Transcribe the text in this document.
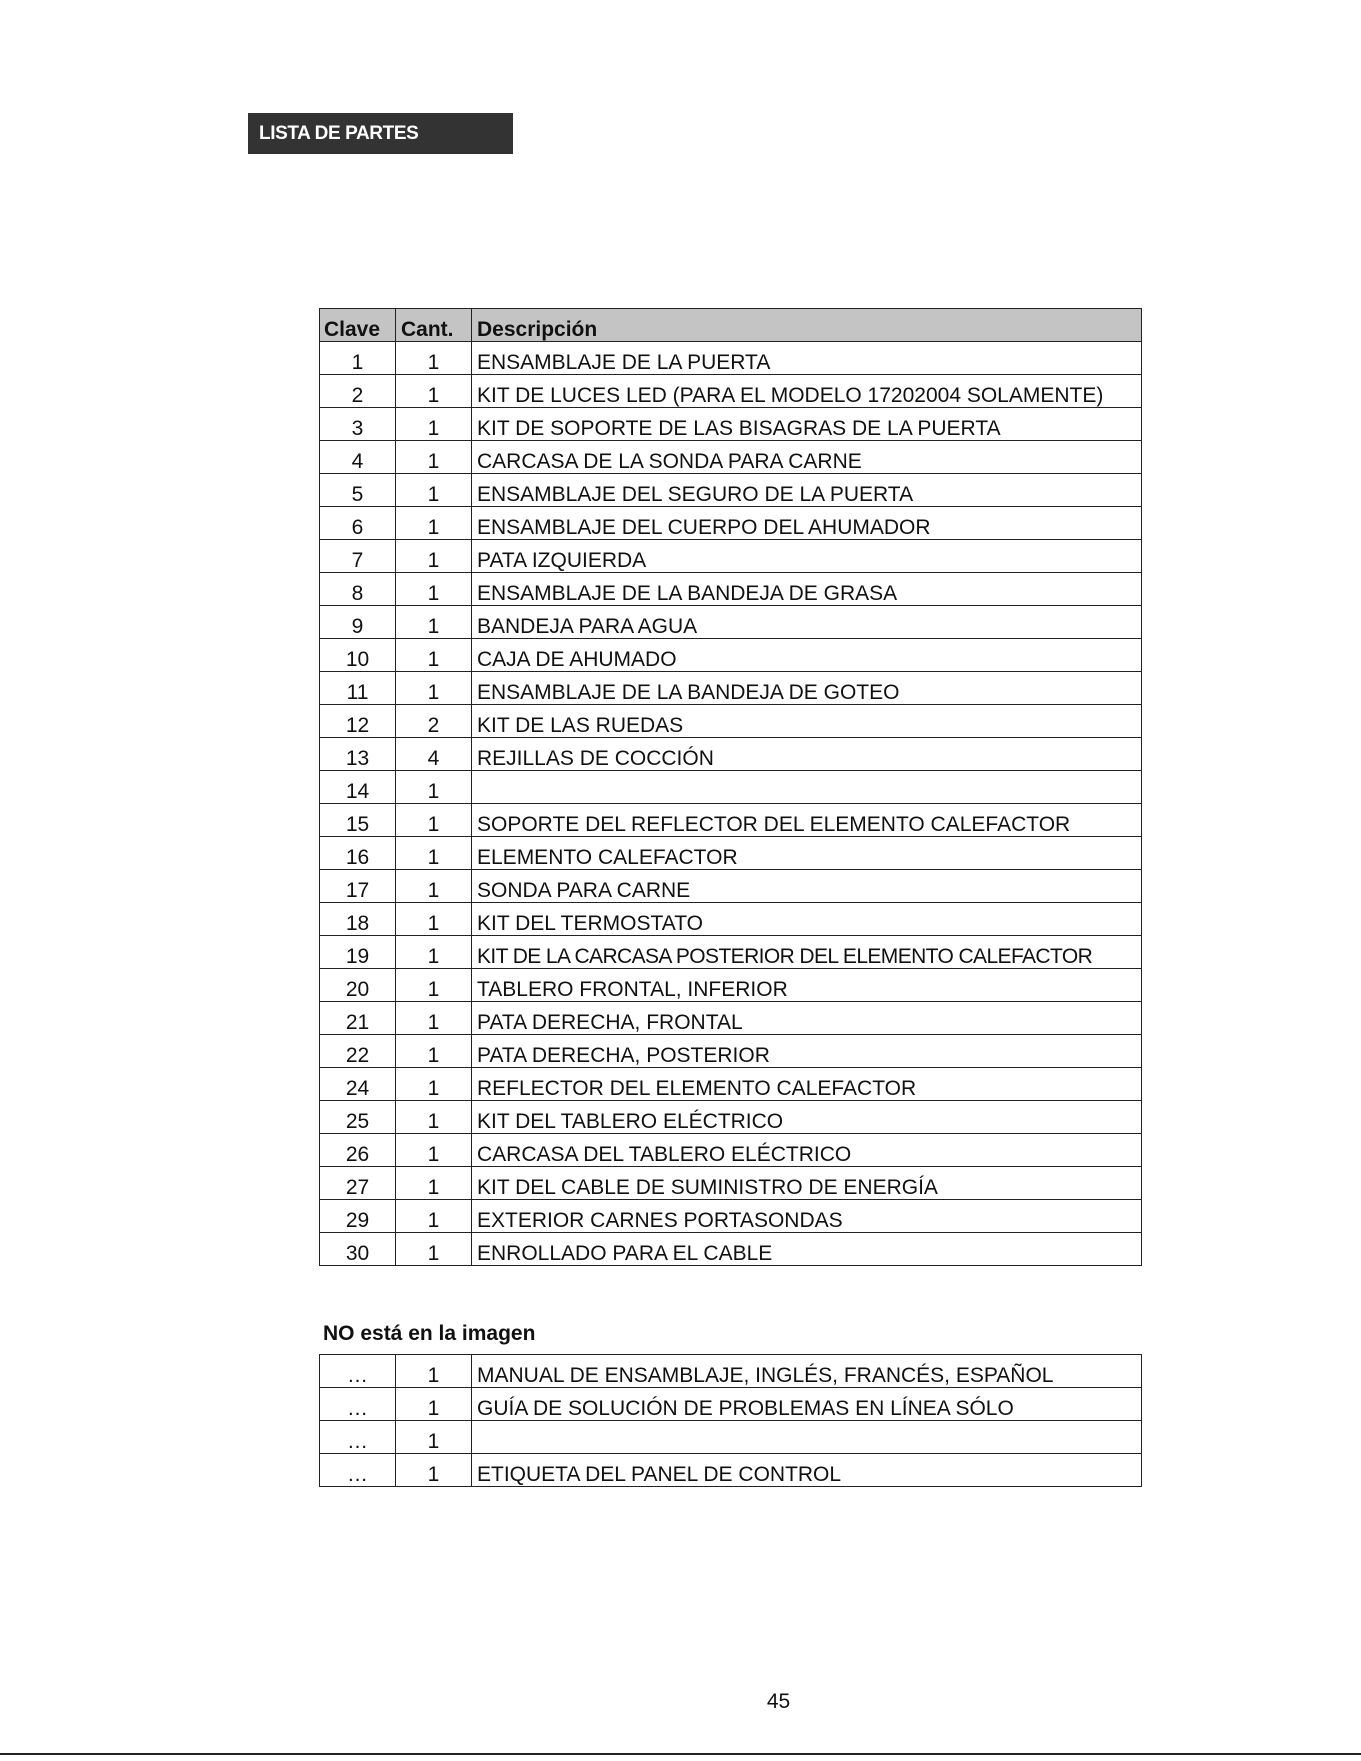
LISTA DE PARTES
Clave	Cant.	Descripción
1	1	ENSAMBLAJE DE LA PUERTA
2	1	KIT DE LUCES LED (PARA EL MODELO 17202004 SOLAMENTE)
3	1	KIT DE SOPORTE DE LAS BISAGRAS DE LA PUERTA
4	1	CARCASA DE LA SONDA PARA CARNE
5	1	ENSAMBLAJE DEL SEGURO DE LA PUERTA
6	1	ENSAMBLAJE DEL CUERPO DEL AHUMADOR
7	1	PATA IZQUIERDA
8	1	ENSAMBLAJE DE LA BANDEJA DE GRASA
9	1	BANDEJA PARA AGUA
10	1	CAJA DE AHUMADO
11	1	ENSAMBLAJE DE LA BANDEJA DE GOTEO
12	2	KIT DE LAS RUEDAS
13	4	REJILLAS DE COCCIÓN
14	1	
15	1	SOPORTE DEL REFLECTOR DEL ELEMENTO CALEFACTOR
16	1	ELEMENTO CALEFACTOR
17	1	SONDA PARA CARNE
18	1	KIT DEL TERMOSTATO
19	1	KIT DE LA CARCASA POSTERIOR DEL ELEMENTO CALEFACTOR
20	1	TABLERO FRONTAL, INFERIOR
21	1	PATA DERECHA, FRONTAL
22	1	PATA DERECHA, POSTERIOR
24	1	REFLECTOR DEL ELEMENTO CALEFACTOR
25	1	KIT DEL TABLERO ELÉCTRICO
26	1	CARCASA DEL TABLERO ELÉCTRICO
27	1	KIT DEL CABLE DE SUMINISTRO DE ENERGÍA
29	1	EXTERIOR CARNES PORTASONDAS
30	1	ENROLLADO PARA EL CABLE
NO está en la imagen
…	1	MANUAL DE ENSAMBLAJE, INGLÉS, FRANCÉS, ESPAÑOL
…	1	GUÍA DE SOLUCIÓN DE PROBLEMAS EN LÍNEA SÓLO
…	1	
…	1	ETIQUETA DEL PANEL DE CONTROL
45
